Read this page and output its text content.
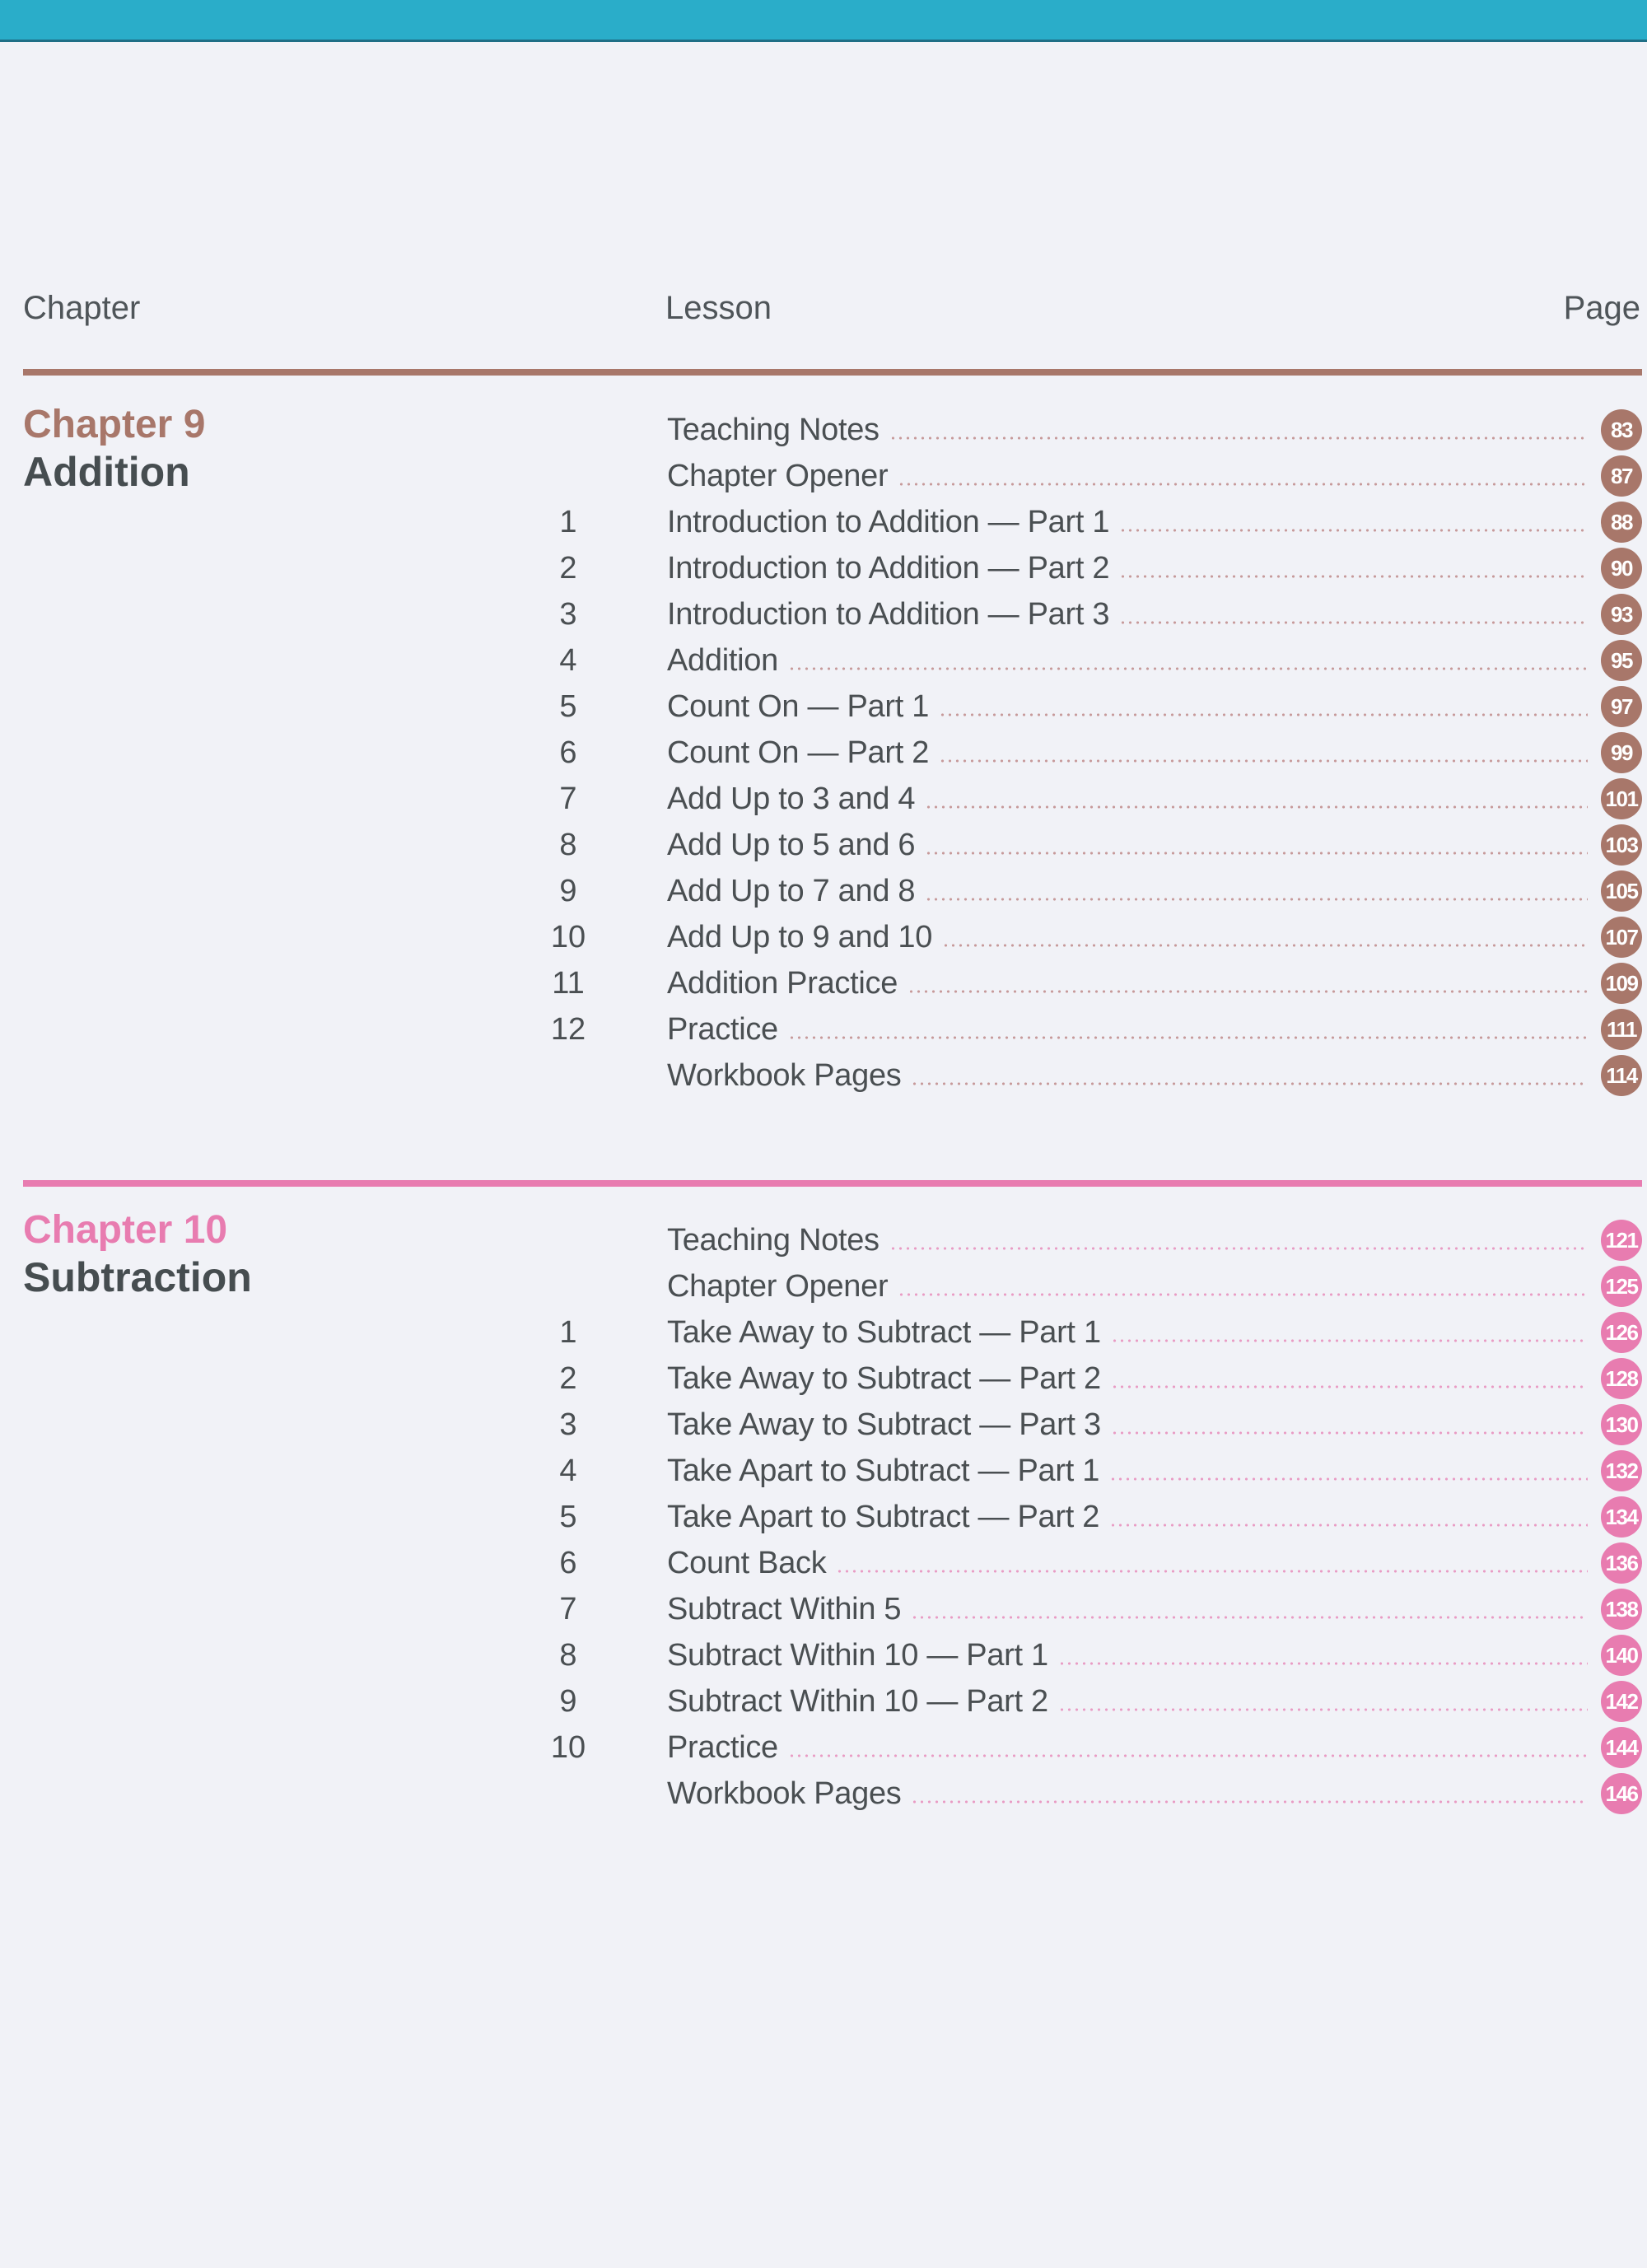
Chapter	Lesson	Page
Chapter 9
Addition
Teaching Notes	83
Chapter Opener	87
1	Introduction to Addition — Part 1	88
2	Introduction to Addition — Part 2	90
3	Introduction to Addition — Part 3	93
4	Addition	95
5	Count On — Part 1	97
6	Count On — Part 2	99
7	Add Up to 3 and 4	101
8	Add Up to 5 and 6	103
9	Add Up to 7 and 8	105
10	Add Up to 9 and 10	107
11	Addition Practice	109
12	Practice	111
Workbook Pages	114
Chapter 10
Subtraction
Teaching Notes	121
Chapter Opener	125
1	Take Away to Subtract — Part 1	126
2	Take Away to Subtract — Part 2	128
3	Take Away to Subtract — Part 3	130
4	Take Apart to Subtract — Part 1	132
5	Take Apart to Subtract — Part 2	134
6	Count Back	136
7	Subtract Within 5	138
8	Subtract Within 10 — Part 1	140
9	Subtract Within 10 — Part 2	142
10	Practice	144
Workbook Pages	146
